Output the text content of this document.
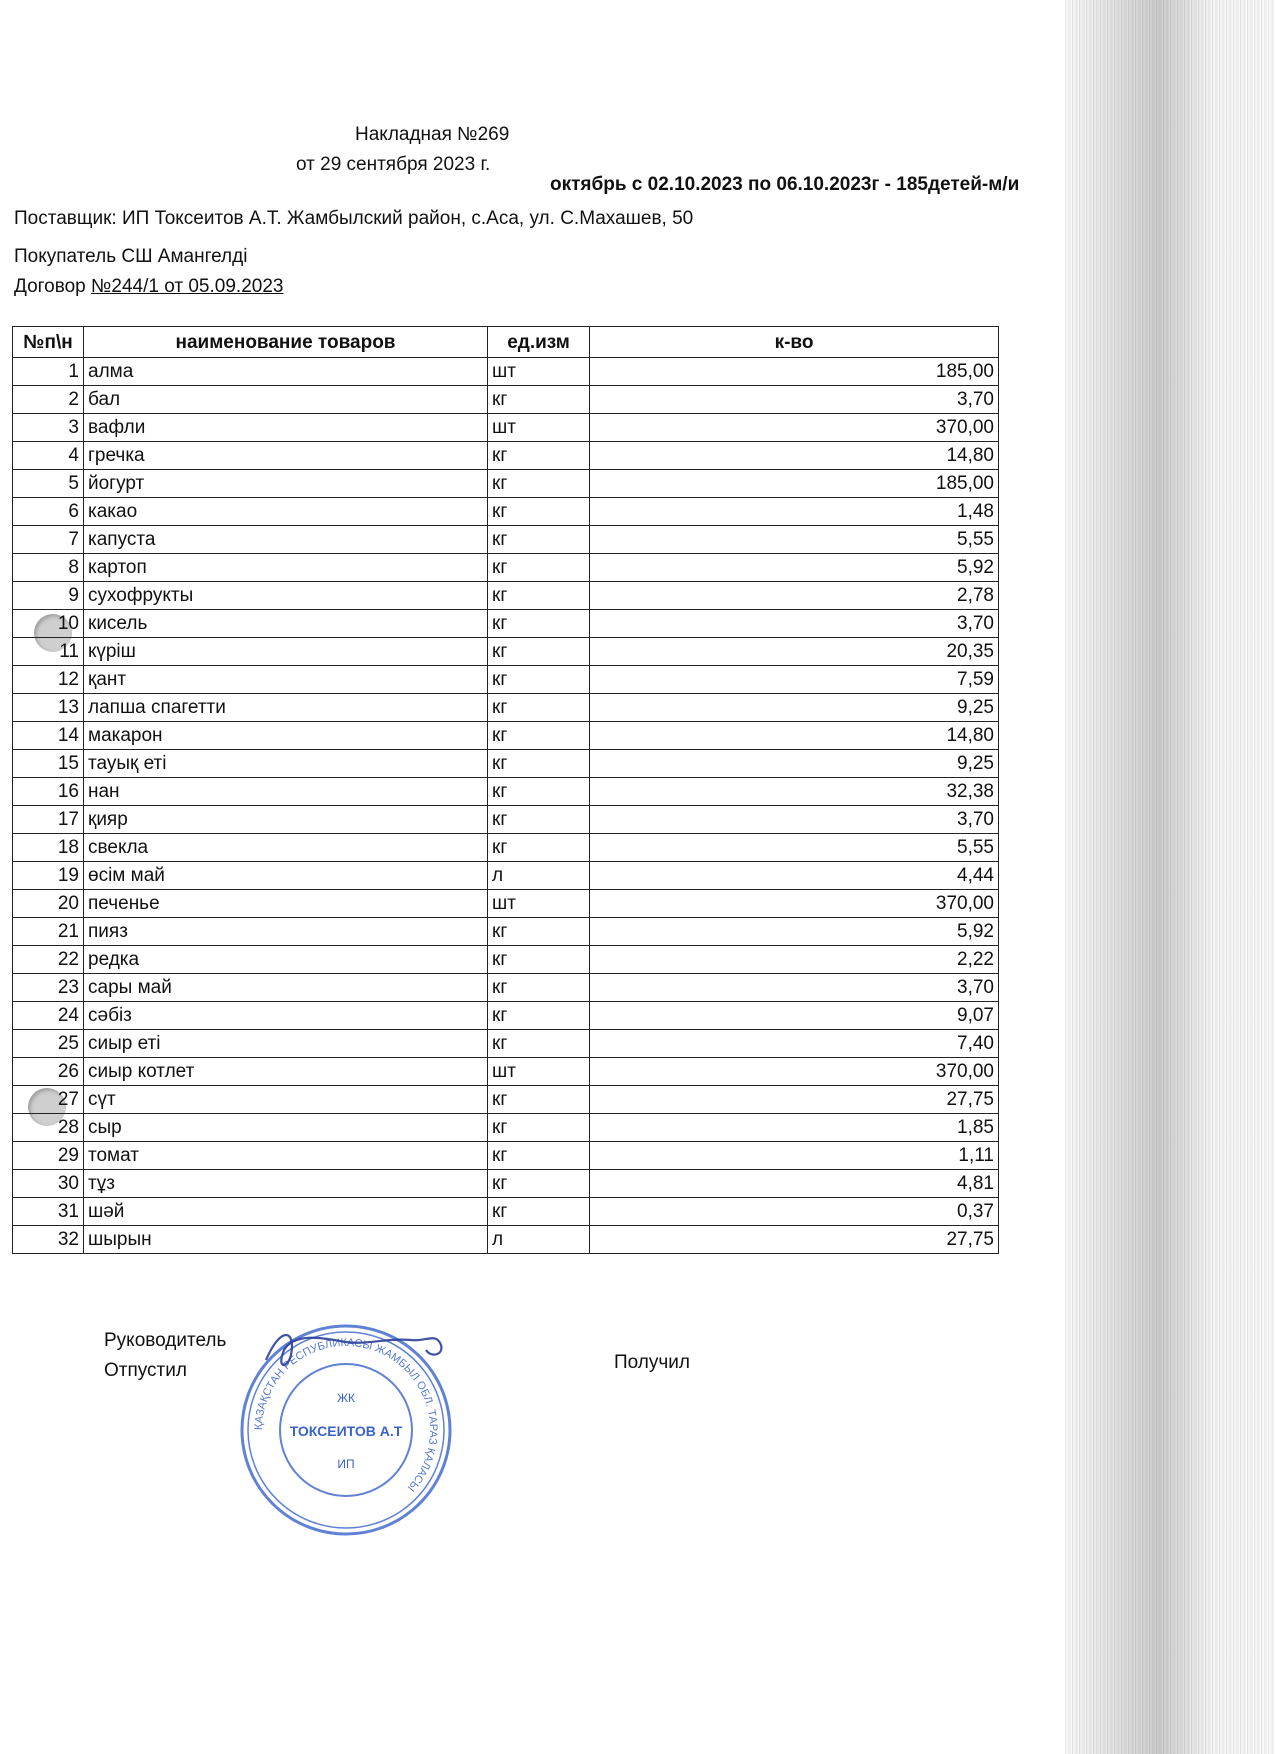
Накладная №269
от 29 сентября 2023 г.
октябрь с 02.10.2023 по 06.10.2023г - 185детей-м/и
Поставщик: ИП Токсеитов А.Т. Жамбылский район, с.Аса, ул. С.Махашев, 50
Покупатель СШ Амангелді
Договор №244/1 от 05.09.2023
№п\н	наименование товаров	ед.изм	к-во
1	алма	шт	185,00
2	бал	кг	3,70
3	вафли	шт	370,00
4	гречка	кг	14,80
5	йогурт	кг	185,00
6	какао	кг	1,48
7	капуста	кг	5,55
8	картоп	кг	5,92
9	сухофрукты	кг	2,78
10	кисель	кг	3,70
11	күріш	кг	20,35
12	қант	кг	7,59
13	лапша спагетти	кг	9,25
14	макарон	кг	14,80
15	тауық еті	кг	9,25
16	нан	кг	32,38
17	қияр	кг	3,70
18	свекла	кг	5,55
19	өсім май	л	4,44
20	печенье	шт	370,00
21	пияз	кг	5,92
22	редка	кг	2,22
23	сары май	кг	3,70
24	сәбіз	кг	9,07
25	сиыр еті	кг	7,40
26	сиыр котлет	шт	370,00
27	сүт	кг	27,75
28	сыр	кг	1,85
29	томат	кг	1,11
30	тұз	кг	4,81
31	шәй	кг	0,37
32	шырын	л	27,75
Руководитель
Отпустил	Получил
ҚАЗАҚСТАН РЕСПУБЛИКАСЫ ЖАМБЫЛ ОБЛ. ТАРАЗ ҚАЛАСЫ
ЖК
ТОКСЕИТОВ А.Т
ИП
